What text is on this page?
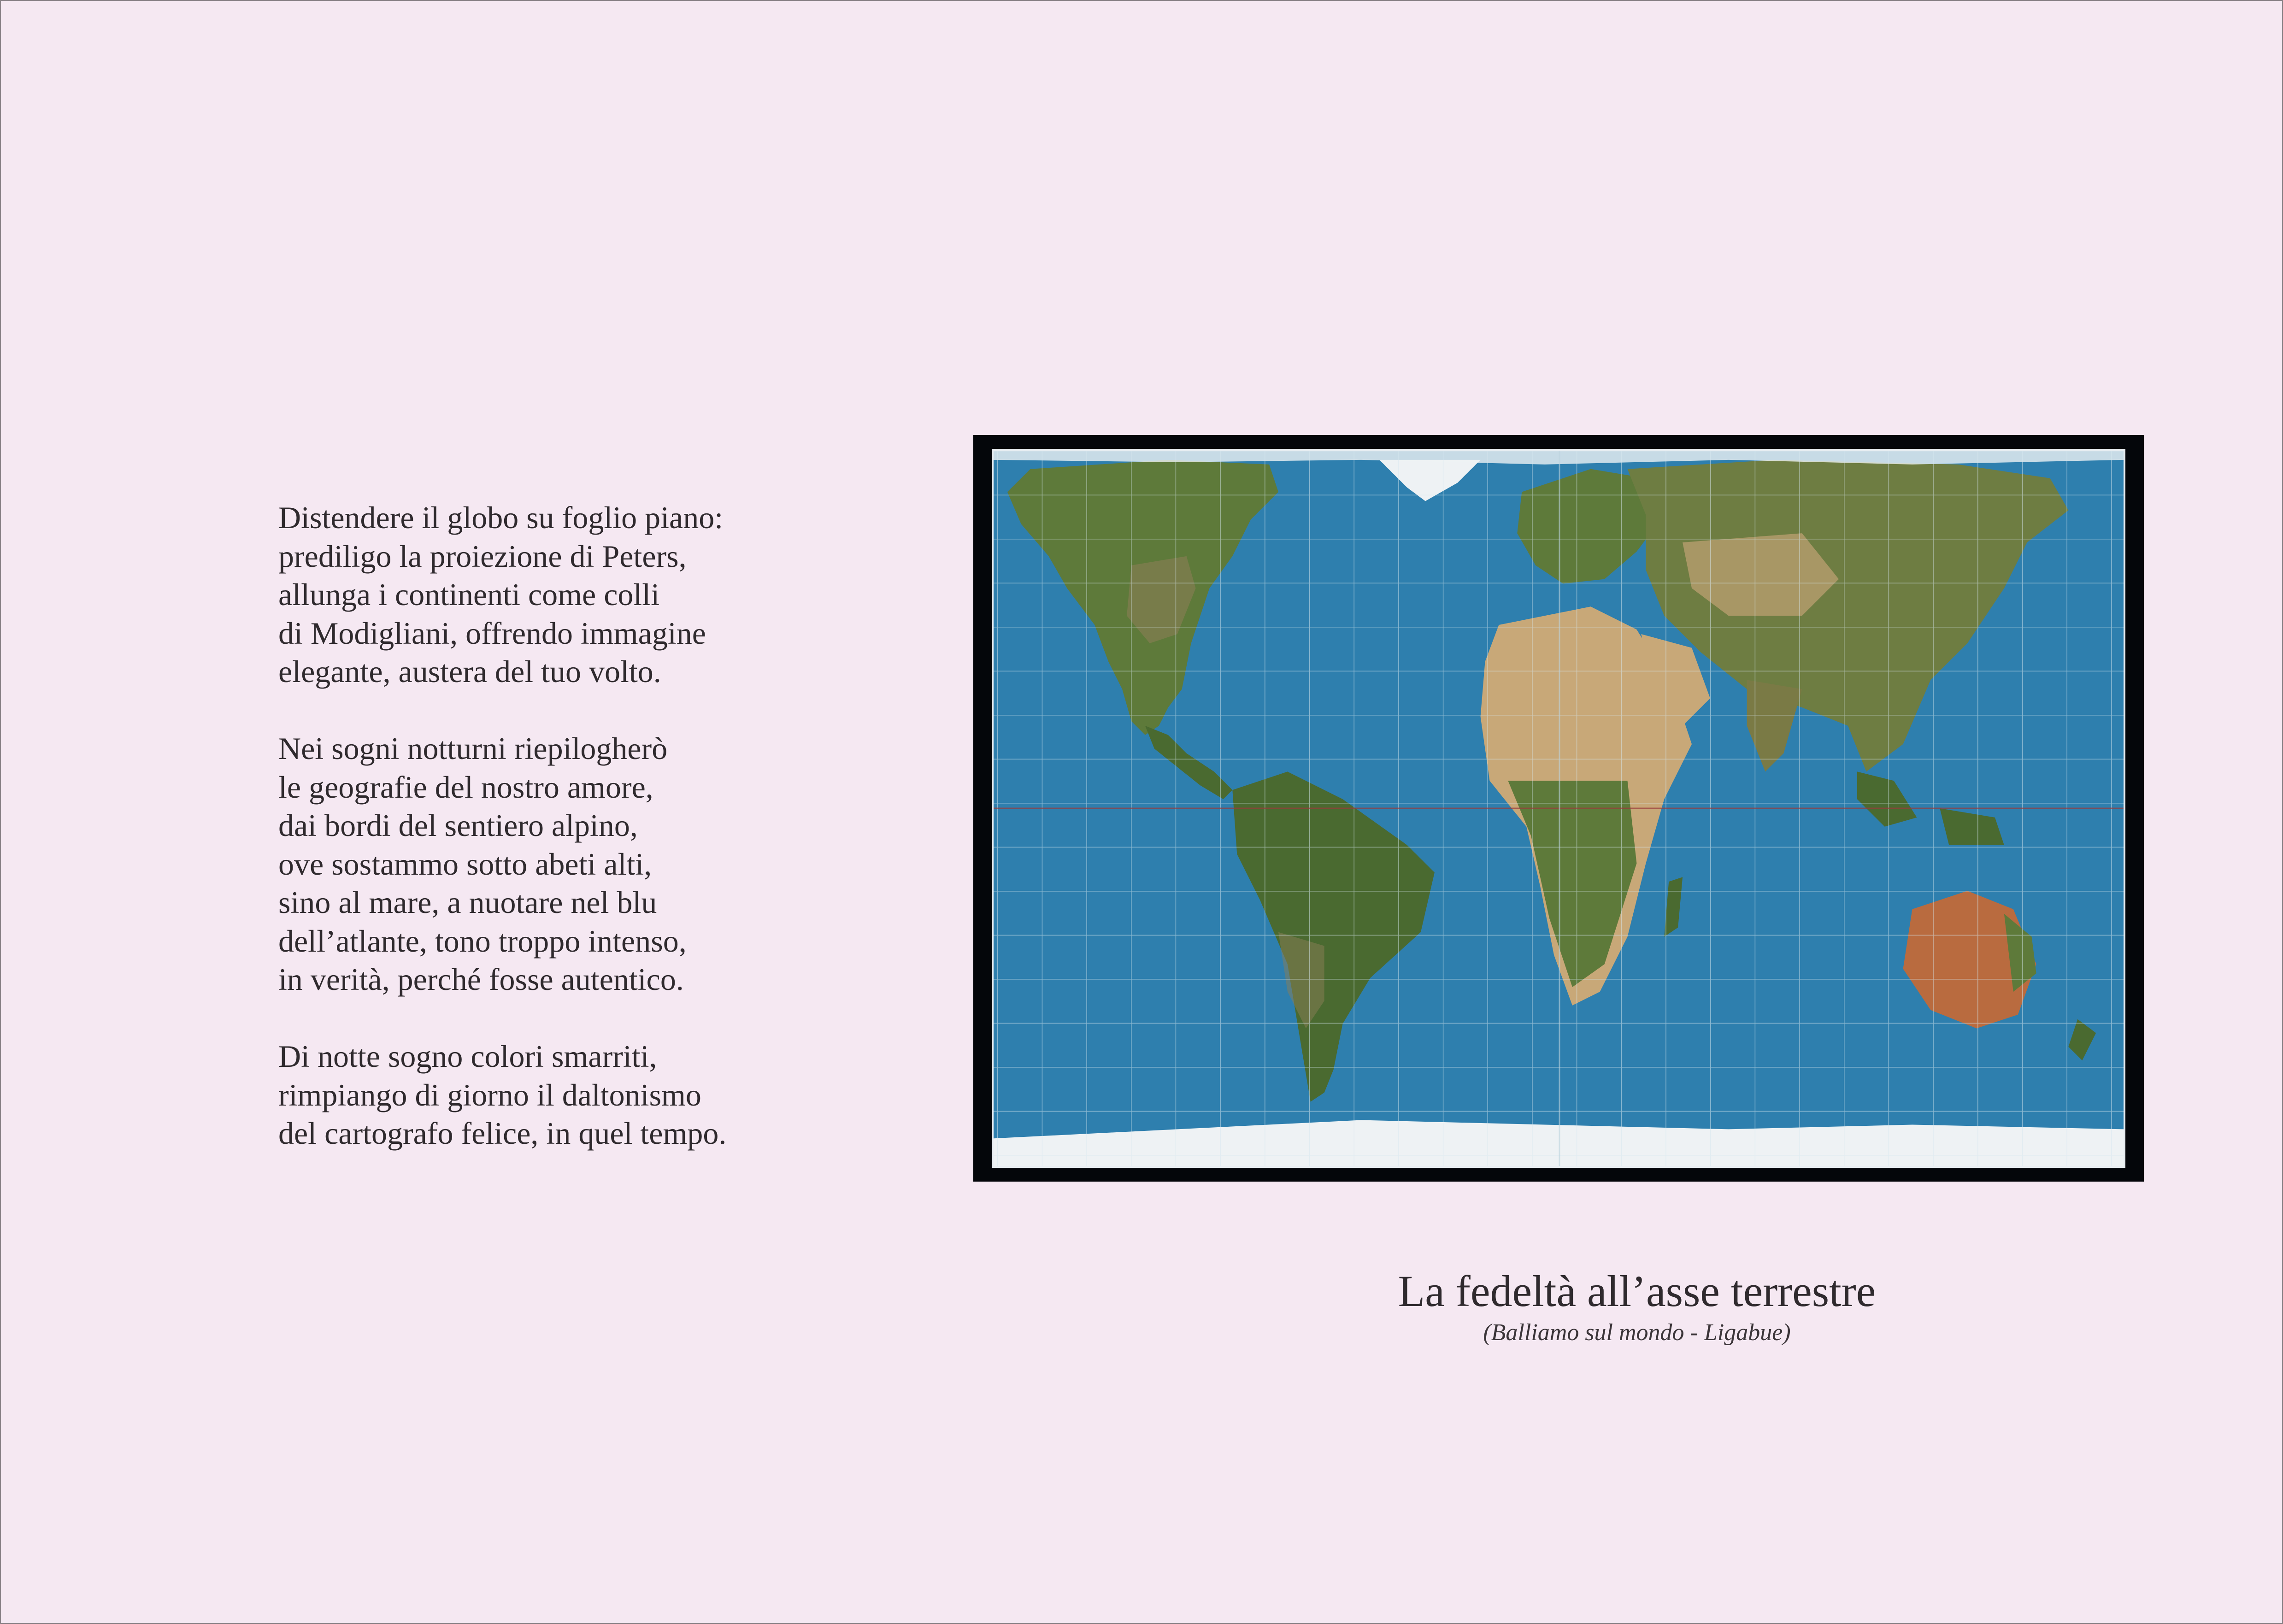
Distendere il globo su foglio piano:
prediligo la proiezione di Peters,
allunga i continenti come colli
di Modigliani, offrendo immagine
elegante, austera del tuo volto.
Nei sogni notturni riepilogherò
le geografie del nostro amore,
dai bordi del sentiero alpino,
ove sostammo sotto abeti alti,
sino al mare, a nuotare nel blu
dell’atlante, tono troppo intenso,
in verità, perché fosse autentico.
Di notte sogno colori smarriti,
rimpiango di giorno il daltonismo
del cartografo felice, in quel tempo.
La fedeltà all’asse terrestre
(Balliamo sul mondo - Ligabue)
